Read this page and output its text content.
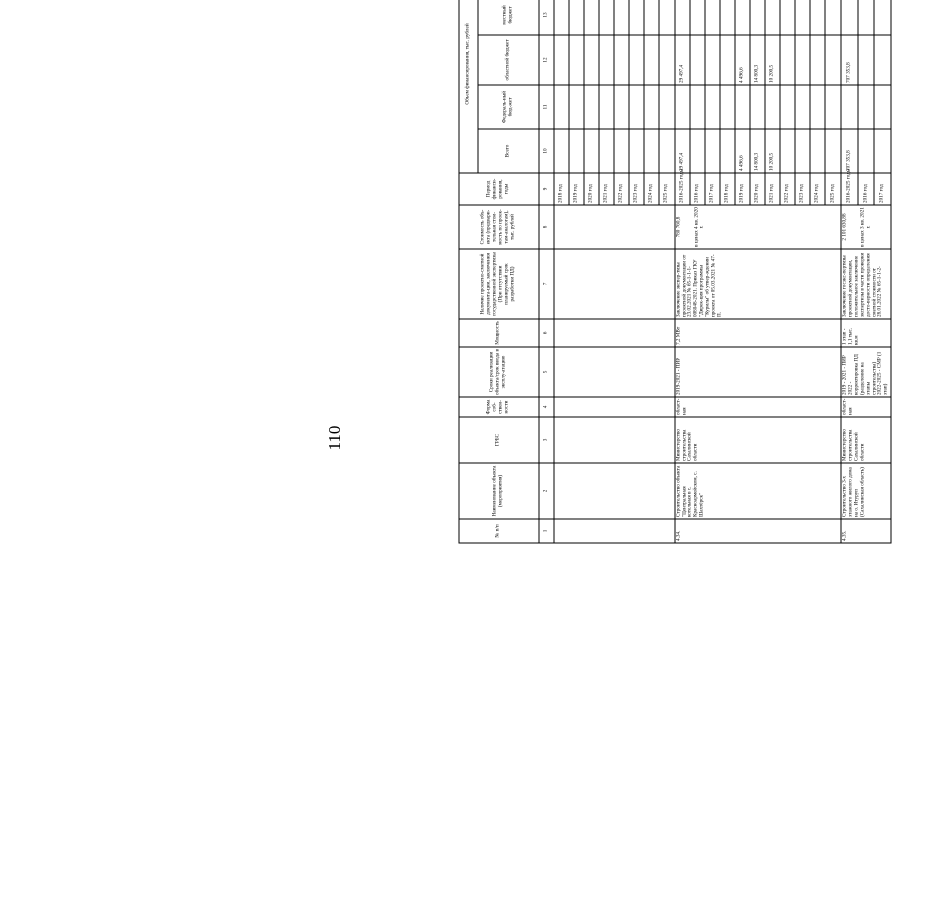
110
№ п/п	Наименование объекта (мероприятия)	ГРБС	Форма соб-ствен-ности	Сроки реализации объекта/срок ввода в эксплу-атацию	Мощность	Наличие проектно-сметной документа-ции, заключения государственной экспертизы (При отсутствии планируемый срок разработки ПД)	Стоимость объ-екта (предвари-тельная стои-мость по проек-там-аналогам), тыс. рублей	Период финанси-рования, годы	Объем финансирования, тыс. рублей	
									Всего	Федераль-ный бюд-жет	областной бюджет	местный бюджет	
1	2	3	4	5	6	7	8	9	10	11	12	13		
								2018 год						
								2019 год						
								2020 год						
								2021 год						
								2022 год						
								2023 год						
								2024 год						
								2025 год						
4.34.	Строительство объекта "Центральная котельная в с. Красноармейском, с. Шахтёрск"	Министерство строительства Сахалинской области	област-ная	2019-2021 - ПИР	7,2 МВт	Заключение экспер-тизы проектной документации от 23.02.2021 № 65-1-1-1-008048-2021. Приказ ГКУ "Дирек-ция программы "Курилы" об утвер-ждении проекта от 05.03.2021 № 47-П.	780 760,8 в ценах 4 кв. 2020 г.	2016-2025 годы	29 497,4		29 497,4			
								2016 год						
								2017 год						
								2018 год						
								2019 год	4 496,6		4 496,6			
								2020 год	14 800,3		14 800,3			
								2021 год	10 200,5		10 200,5			
								2022 год						
								2023 год						
								2024 год						
								2025 год						
4.35.	Строительство 3-х этажного жилого дома на о. Итуруп (Сахалинская область)	Министерство строительства Сахалинской области	област-ная	2019 - 2021 - ПИР 2022 - корректировка ПД (разделение на этапы строительства) 2022-2025 - СМР (1 этап)	1 этап - 1,1 тыс. кв.м	Заключение госэкс-пертизы проектной документации, положительное заключение экспертизы в части проверки досто-верности определения сметной стоимости от 28.01.2022 № 65-1-1-2-	2 101 630,88 в ценах 3 кв. 2021 г.	2016-2025 годы	707 353,8		707 353,8			
								2016 год						
								2017 год						
